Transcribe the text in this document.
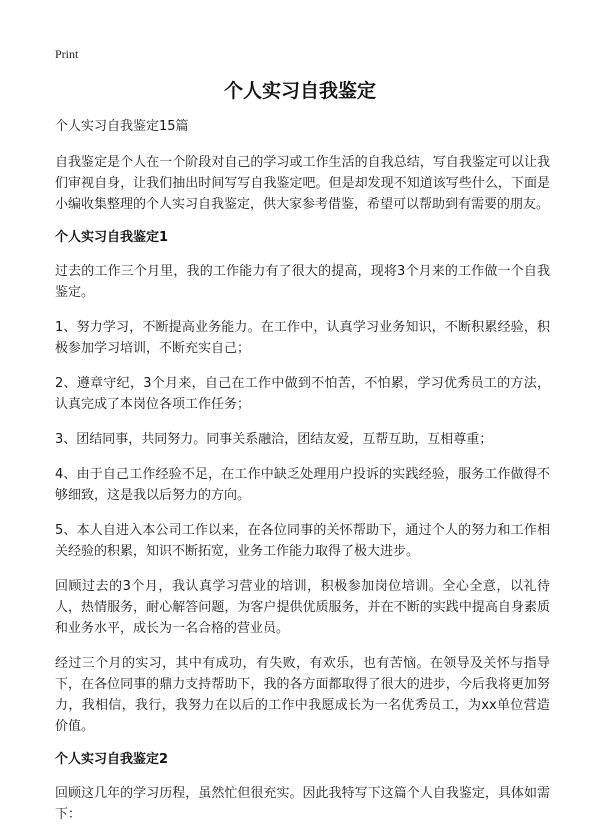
Print
个人实习自我鉴定

个人实习自我鉴定15篇

自我鉴定是个人在一个阶段对自己的学习或工作生活的自我总结，写自我鉴定可以让我们审视自身，让我们抽出时间写写自我鉴定吧。但是却发现不知道该写些什么，下面是小编收集整理的个人实习自我鉴定，供大家参考借鉴，希望可以帮助到有需要的朋友。

个人实习自我鉴定1

过去的工作三个月里，我的工作能力有了很大的提高，现将3个月来的工作做一个自我鉴定。

1、努力学习，不断提高业务能力。在工作中，认真学习业务知识，不断积累经验，积极参加学习培训，不断充实自己；

2、遵章守纪，3个月来，自己在工作中做到不怕苦，不怕累，学习优秀员工的方法，认真完成了本岗位各项工作任务；

3、团结同事，共同努力。同事关系融洽，团结友爱，互帮互助，互相尊重；

4、由于自己工作经验不足，在工作中缺乏处理用户投诉的实践经验，服务工作做得不够细致，这是我以后努力的方向。

5、本人自进入本公司工作以来，在各位同事的关怀帮助下，通过个人的努力和工作相关经验的积累，知识不断拓宽，业务工作能力取得了极大进步。

回顾过去的3个月，我认真学习营业的培训，积极参加岗位培训。全心全意，以礼待人，热情服务，耐心解答问题，为客户提供优质服务，并在不断的实践中提高自身素质和业务水平，成长为一名合格的营业员。

经过三个月的实习，其中有成功，有失败，有欢乐，也有苦恼。在领导及关怀与指导下，在各位同事的鼎力支持帮助下，我的各方面都取得了很大的进步，今后我将更加努力，我相信，我行，我努力在以后的工作中我愿成长为一名优秀员工，为xx单位营造价值。

个人实习自我鉴定2

回顾这几年的学习历程，虽然忙但很充实。因此我特写下这篇个人自我鉴定，具体如需下：
